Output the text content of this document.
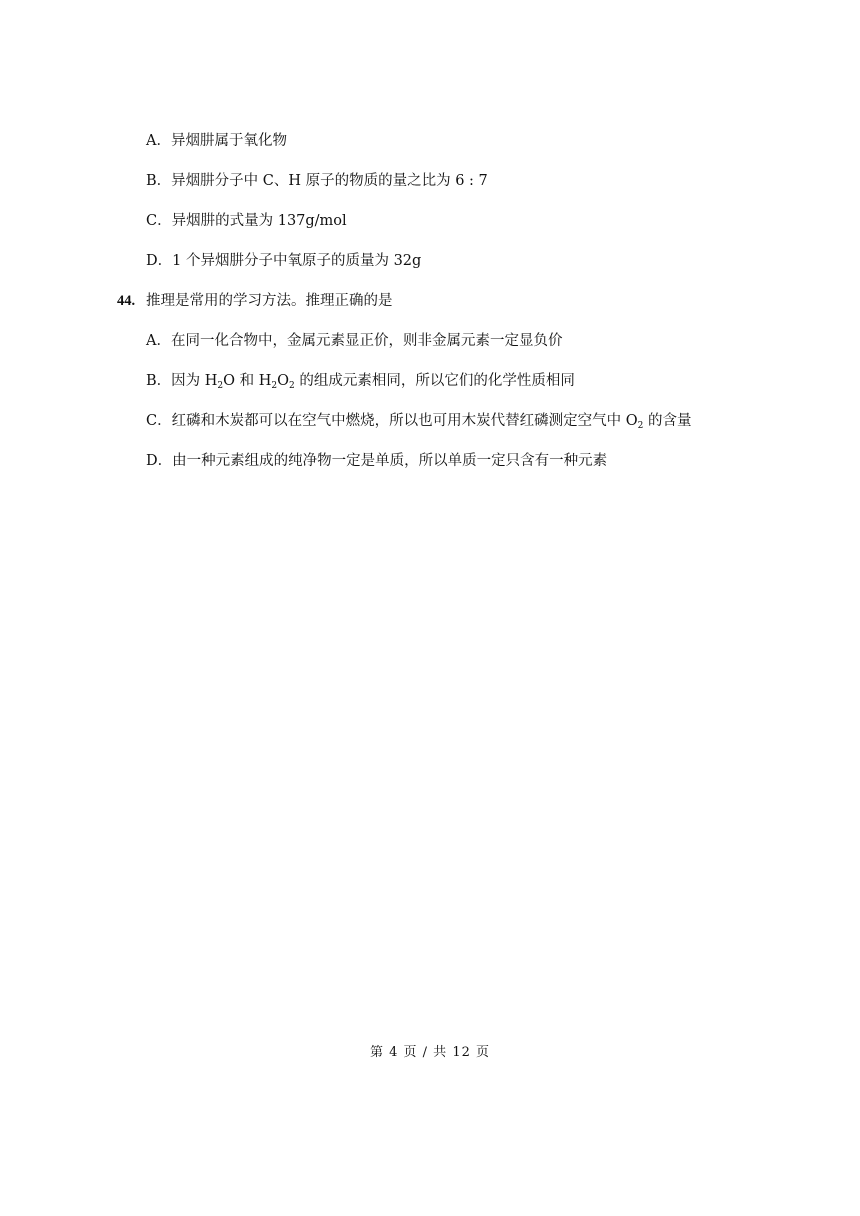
A．异烟肼属于氧化物
B．异烟肼分子中 C、H 原子的物质的量之比为 6 : 7
C．异烟肼的式量为 137g/mol
D．1 个异烟肼分子中氧原子的质量为 32g
44. 推理是常用的学习方法。推理正确的是
A．在同一化合物中，金属元素显正价，则非金属元素一定显负价
B．因为 $H_2O$ 和 $H_2O_2$ 的组成元素相同，所以它们的化学性质相同
C．红磷和木炭都可以在空气中燃烧，所以也可用木炭代替红磷测定空气中 $O_2$ 的含量
D．由一种元素组成的纯净物一定是单质，所以单质一定只含有一种元素
第 4 页 / 共 12 页
